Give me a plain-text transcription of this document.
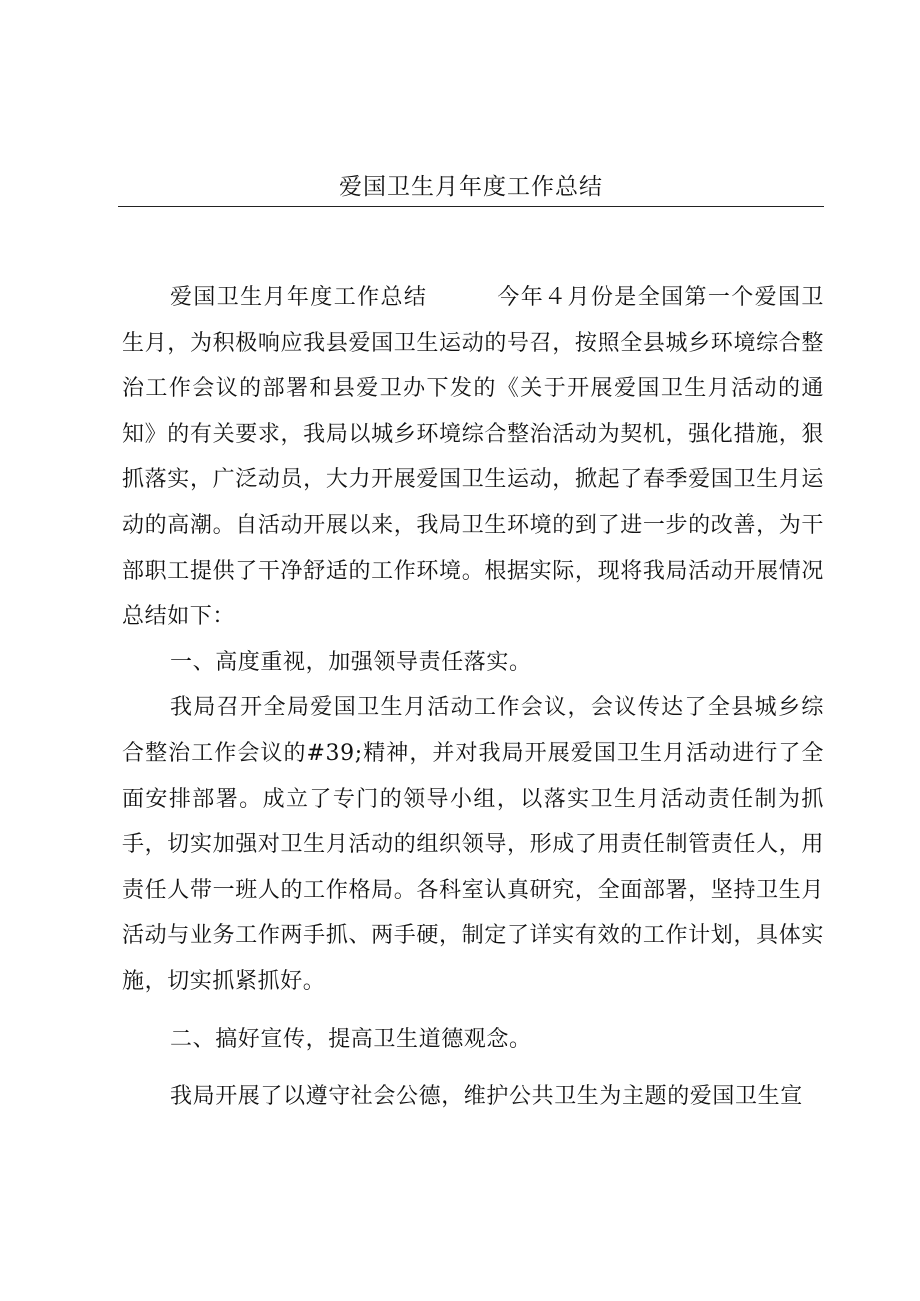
爱国卫生月年度工作总结

爱国卫生月年度工作总结　　　今年４月份是全国第一个爱国卫生月，为积极响应我县爱国卫生运动的号召，按照全县城乡环境综合整治工作会议的部署和县爱卫办下发的《关于开展爱国卫生月活动的通知》的有关要求，我局以城乡环境综合整治活动为契机，强化措施，狠抓落实，广泛动员，大力开展爱国卫生运动，掀起了春季爱国卫生月运动的高潮。自活动开展以来，我局卫生环境的到了进一步的改善，为干部职工提供了干净舒适的工作环境。根据实际，现将我局活动开展情况总结如下：

一、高度重视，加强领导责任落实。

我局召开全局爱国卫生月活动工作会议，会议传达了全县城乡综合整治工作会议的#39;精神，并对我局开展爱国卫生月活动进行了全面安排部署。成立了专门的领导小组，以落实卫生月活动责任制为抓手，切实加强对卫生月活动的组织领导，形成了用责任制管责任人，用责任人带一班人的工作格局。各科室认真研究，全面部署，坚持卫生月活动与业务工作两手抓、两手硬，制定了详实有效的工作计划，具体实施，切实抓紧抓好。

二、搞好宣传，提高卫生道德观念。

我局开展了以遵守社会公德，维护公共卫生为主题的爱国卫生宣
